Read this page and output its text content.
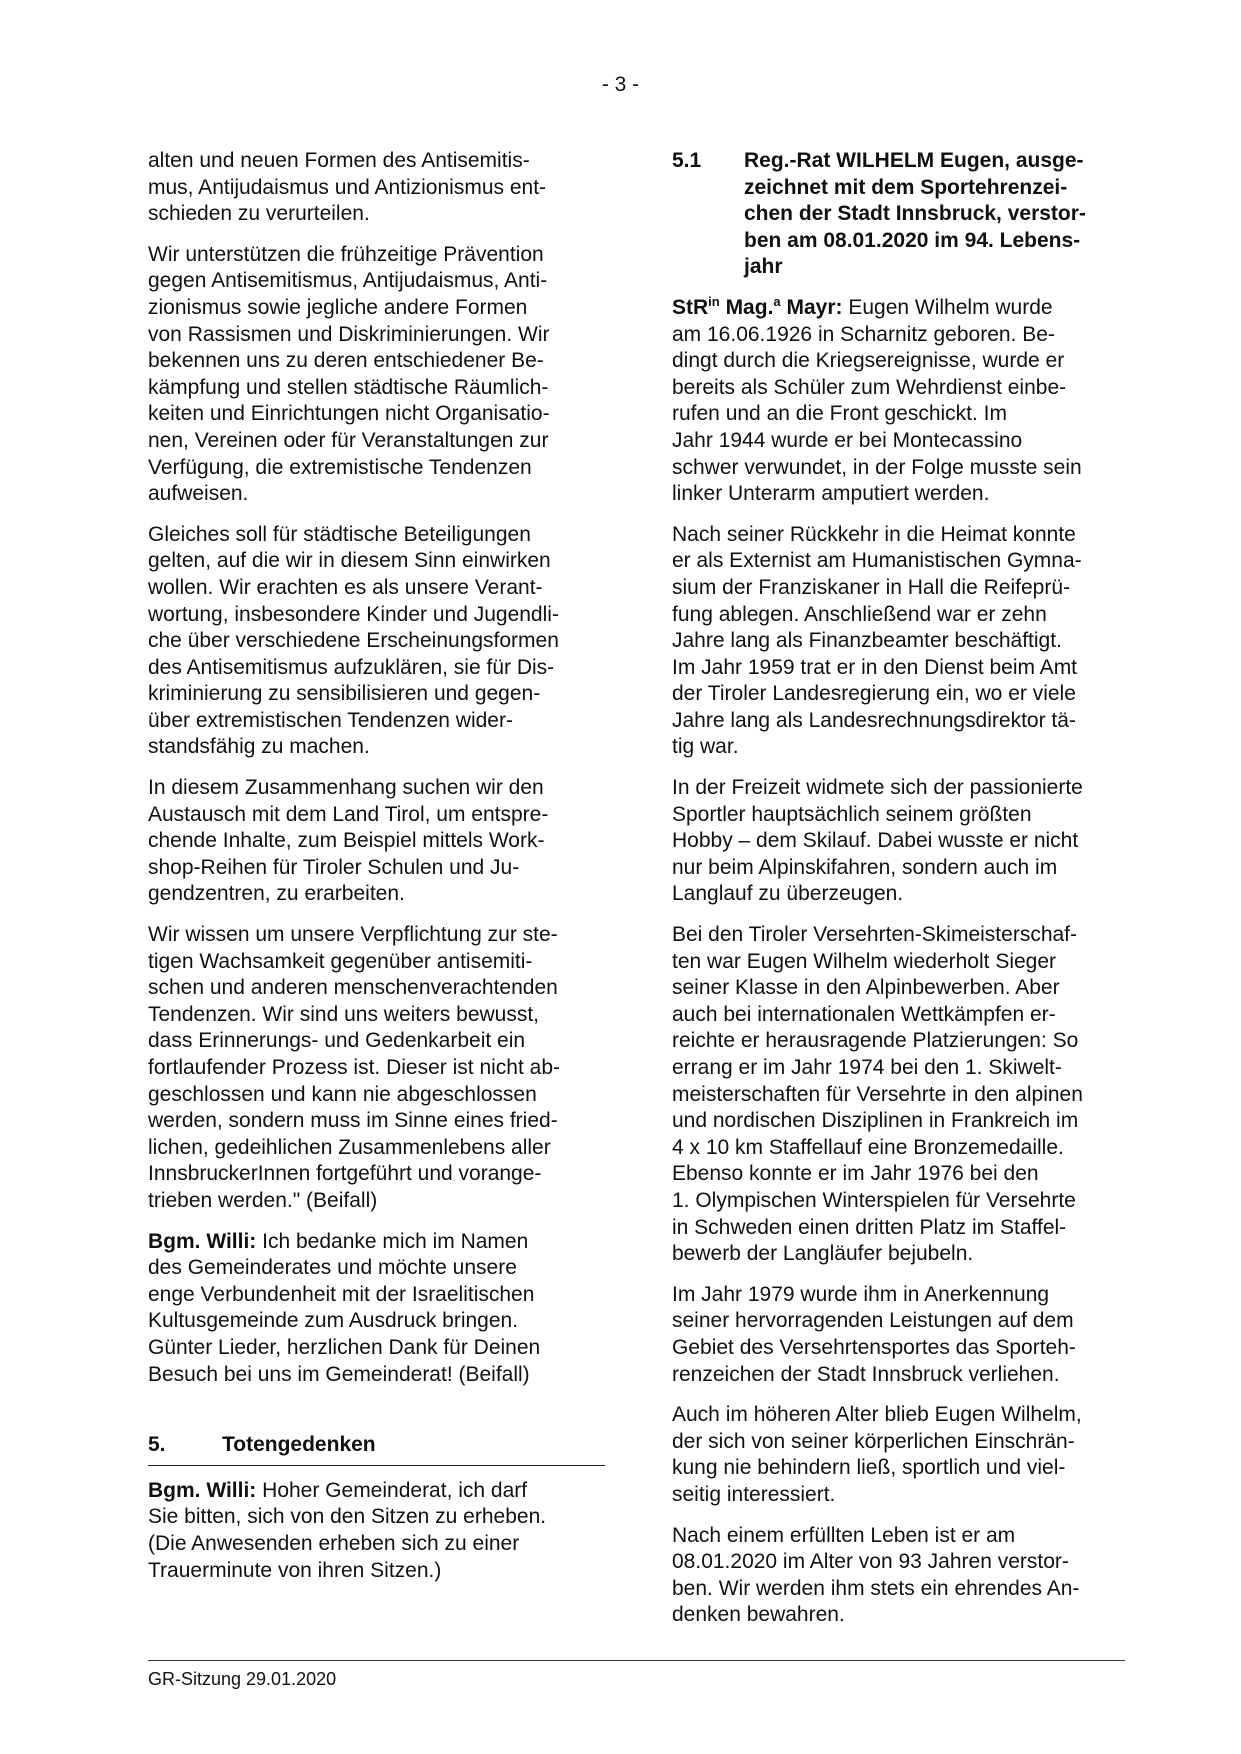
- 3 -

alten und neuen Formen des Antisemitis-
mus, Antijudaismus und Antizionismus ent-
schieden zu verurteilen.

Wir unterstützen die frühzeitige Prävention
gegen Antisemitismus, Antijudaismus, Anti-
zionismus sowie jegliche andere Formen
von Rassismen und Diskriminierungen. Wir
bekennen uns zu deren entschiedener Be-
kämpfung und stellen städtische Räumlich-
keiten und Einrichtungen nicht Organisatio-
nen, Vereinen oder für Veranstaltungen zur
Verfügung, die extremistische Tendenzen
aufweisen.

Gleiches soll für städtische Beteiligungen
gelten, auf die wir in diesem Sinn einwirken
wollen. Wir erachten es als unsere Verant-
wortung, insbesondere Kinder und Jugendli-
che über verschiedene Erscheinungsformen
des Antisemitismus aufzuklären, sie für Dis-
kriminierung zu sensibilisieren und gegen-
über extremistischen Tendenzen wider-
standsfähig zu machen.

In diesem Zusammenhang suchen wir den
Austausch mit dem Land Tirol, um entspre-
chende Inhalte, zum Beispiel mittels Work-
shop-Reihen für Tiroler Schulen und Ju-
gendzentren, zu erarbeiten.

Wir wissen um unsere Verpflichtung zur ste-
tigen Wachsamkeit gegenüber antisemiti-
schen und anderen menschenverachtenden
Tendenzen. Wir sind uns weiters bewusst,
dass Erinnerungs- und Gedenkarbeit ein
fortlaufender Prozess ist. Dieser ist nicht ab-
geschlossen und kann nie abgeschlossen
werden, sondern muss im Sinne eines fried-
lichen, gedeihlichen Zusammenlebens aller
InnsbruckerInnen fortgeführt und vorange-
trieben werden." (Beifall)

Bgm. Willi: Ich bedanke mich im Namen
des Gemeinderates und möchte unsere
enge Verbundenheit mit der Israelitischen
Kultusgemeinde zum Ausdruck bringen.
Günter Lieder, herzlichen Dank für Deinen
Besuch bei uns im Gemeinderat! (Beifall)

5.	Totengedenken

Bgm. Willi: Hoher Gemeinderat, ich darf
Sie bitten, sich von den Sitzen zu erheben.
(Die Anwesenden erheben sich zu einer
Trauerminute von ihren Sitzen.)

5.1	Reg.-Rat WILHELM Eugen, ausge-
zeichnet mit dem Sportehrenzei-
chen der Stadt Innsbruck, verstor-
ben am 08.01.2020 im 94. Lebens-
jahr

StR$^{in}$ Mag.$^a$ Mayr: Eugen Wilhelm wurde
am 16.06.1926 in Scharnitz geboren. Be-
dingt durch die Kriegsereignisse, wurde er
bereits als Schüler zum Wehrdienst einbe-
rufen und an die Front geschickt. Im
Jahr 1944 wurde er bei Montecassino
schwer verwundet, in der Folge musste sein
linker Unterarm amputiert werden.

Nach seiner Rückkehr in die Heimat konnte
er als Externist am Humanistischen Gymna-
sium der Franziskaner in Hall die Reifeprü-
fung ablegen. Anschließend war er zehn
Jahre lang als Finanzbeamter beschäftigt.
Im Jahr 1959 trat er in den Dienst beim Amt
der Tiroler Landesregierung ein, wo er viele
Jahre lang als Landesrechnungsdirektor tä-
tig war.

In der Freizeit widmete sich der passionierte
Sportler hauptsächlich seinem größten
Hobby – dem Skilauf. Dabei wusste er nicht
nur beim Alpinskifahren, sondern auch im
Langlauf zu überzeugen.

Bei den Tiroler Versehrten-Skimeisterschaf-
ten war Eugen Wilhelm wiederholt Sieger
seiner Klasse in den Alpinbewerben. Aber
auch bei internationalen Wettkämpfen er-
reichte er herausragende Platzierungen: So
errang er im Jahr 1974 bei den 1. Skiwelt-
meisterschaften für Versehrte in den alpinen
und nordischen Disziplinen in Frankreich im
4 x 10 km Staffellauf eine Bronzemedaille.
Ebenso konnte er im Jahr 1976 bei den
1. Olympischen Winterspielen für Versehrte
in Schweden einen dritten Platz im Staffel-
bewerb der Langläufer bejubeln.

Im Jahr 1979 wurde ihm in Anerkennung
seiner hervorragenden Leistungen auf dem
Gebiet des Versehrtensportes das Sporteh-
renzeichen der Stadt Innsbruck verliehen.

Auch im höheren Alter blieb Eugen Wilhelm,
der sich von seiner körperlichen Einschrän-
kung nie behindern ließ, sportlich und viel-
seitig interessiert.

Nach einem erfüllten Leben ist er am
08.01.2020 im Alter von 93 Jahren verstor-
ben. Wir werden ihm stets ein ehrendes An-
denken bewahren.

GR-Sitzung 29.01.2020
